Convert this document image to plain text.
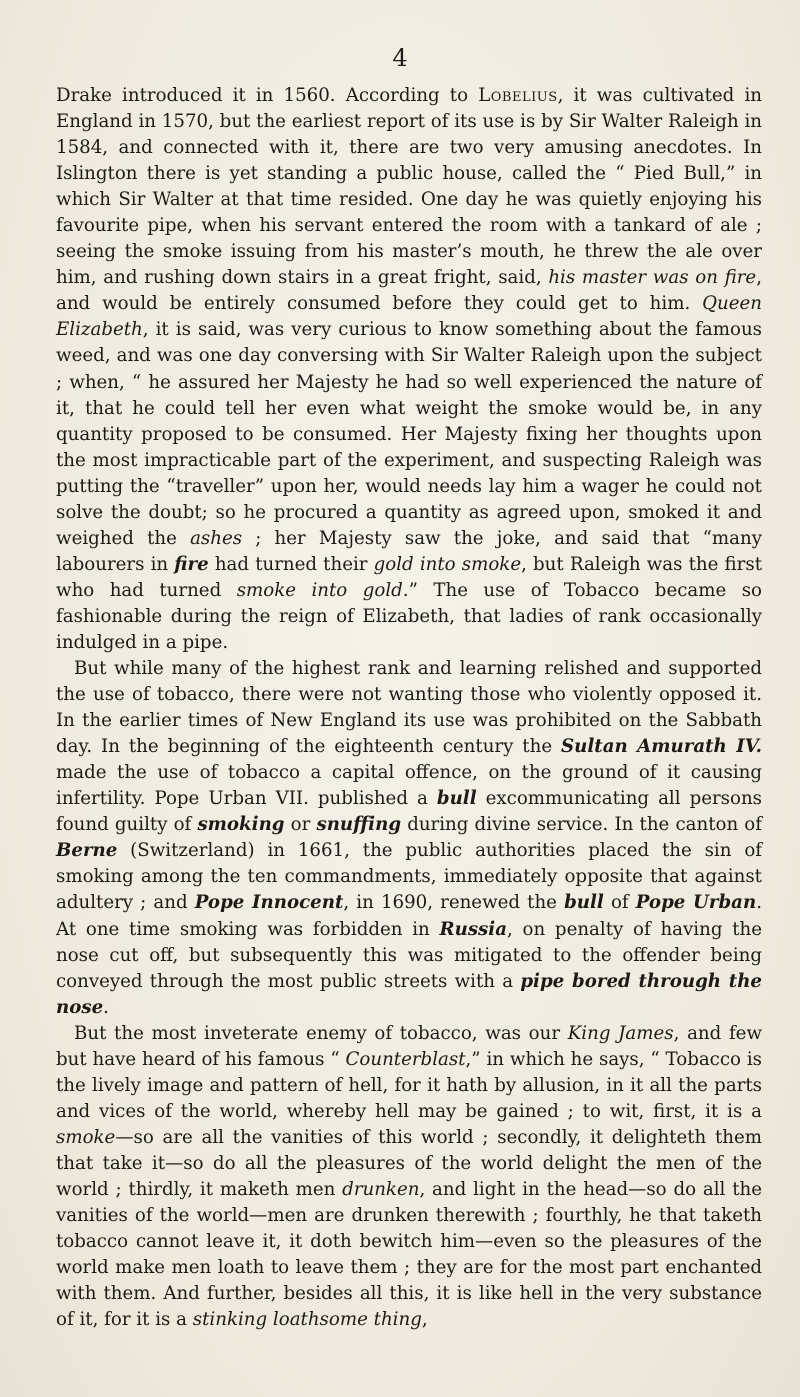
4

Drake introduced it in 1560. According to Lobelius, it was cultivated in England in 1570, but the earliest report of its use is by Sir Walter Raleigh in 1584, and connected with it, there are two very amusing anecdotes. In Islington there is yet standing a public house, called the “ Pied Bull,” in which Sir Walter at that time resided. One day he was quietly enjoying his favourite pipe, when his servant entered the room with a tankard of ale ; seeing the smoke issuing from his master’s mouth, he threw the ale over him, and rushing down stairs in a great fright, said, his master was on fire, and would be entirely consumed before they could get to him. Queen Elizabeth, it is said, was very curious to know something about the famous weed, and was one day conversing with Sir Walter Raleigh upon the subject ; when, “ he assured her Majesty he had so well experienced the nature of it, that he could tell her even what weight the smoke would be, in any quantity proposed to be consumed. Her Majesty fixing her thoughts upon the most impracticable part of the experiment, and suspecting Raleigh was putting the “traveller” upon her, would needs lay him a wager he could not solve the doubt; so he procured a quantity as agreed upon, smoked it and weighed the ashes ; her Majesty saw the joke, and said that “many labourers in fire had turned their gold into smoke, but Raleigh was the first who had turned smoke into gold.” The use of Tobacco became so fashionable during the reign of Elizabeth, that ladies of rank occasionally indulged in a pipe.

But while many of the highest rank and learning relished and supported the use of tobacco, there were not wanting those who violently opposed it. In the earlier times of New England its use was prohibited on the Sabbath day. In the beginning of the eighteenth century the Sultan Amurath IV. made the use of tobacco a capital offence, on the ground of it causing infertility. Pope Urban VII. published a bull excommunicating all persons found guilty of smoking or snuffing during divine service. In the canton of Berne (Switzerland) in 1661, the public authorities placed the sin of smoking among the ten commandments, immediately opposite that against adultery ; and Pope Innocent, in 1690, renewed the bull of Pope Urban. At one time smoking was forbidden in Russia, on penalty of having the nose cut off, but subsequently this was mitigated to the offender being conveyed through the most public streets with a pipe bored through the nose.

But the most inveterate enemy of tobacco, was our King James, and few but have heard of his famous “ Counterblast,” in which he says, “ Tobacco is the lively image and pattern of hell, for it hath by allusion, in it all the parts and vices of the world, whereby hell may be gained ; to wit, first, it is a smoke—so are all the vanities of this world ; secondly, it delighteth them that take it—so do all the pleasures of the world delight the men of the world ; thirdly, it maketh men drunken, and light in the head—so do all the vanities of the world—men are drunken therewith ; fourthly, he that taketh tobacco cannot leave it, it doth bewitch him—even so the pleasures of the world make men loath to leave them ; they are for the most part enchanted with them. And further, besides all this, it is like hell in the very substance of it, for it is a stinking loathsome thing,
